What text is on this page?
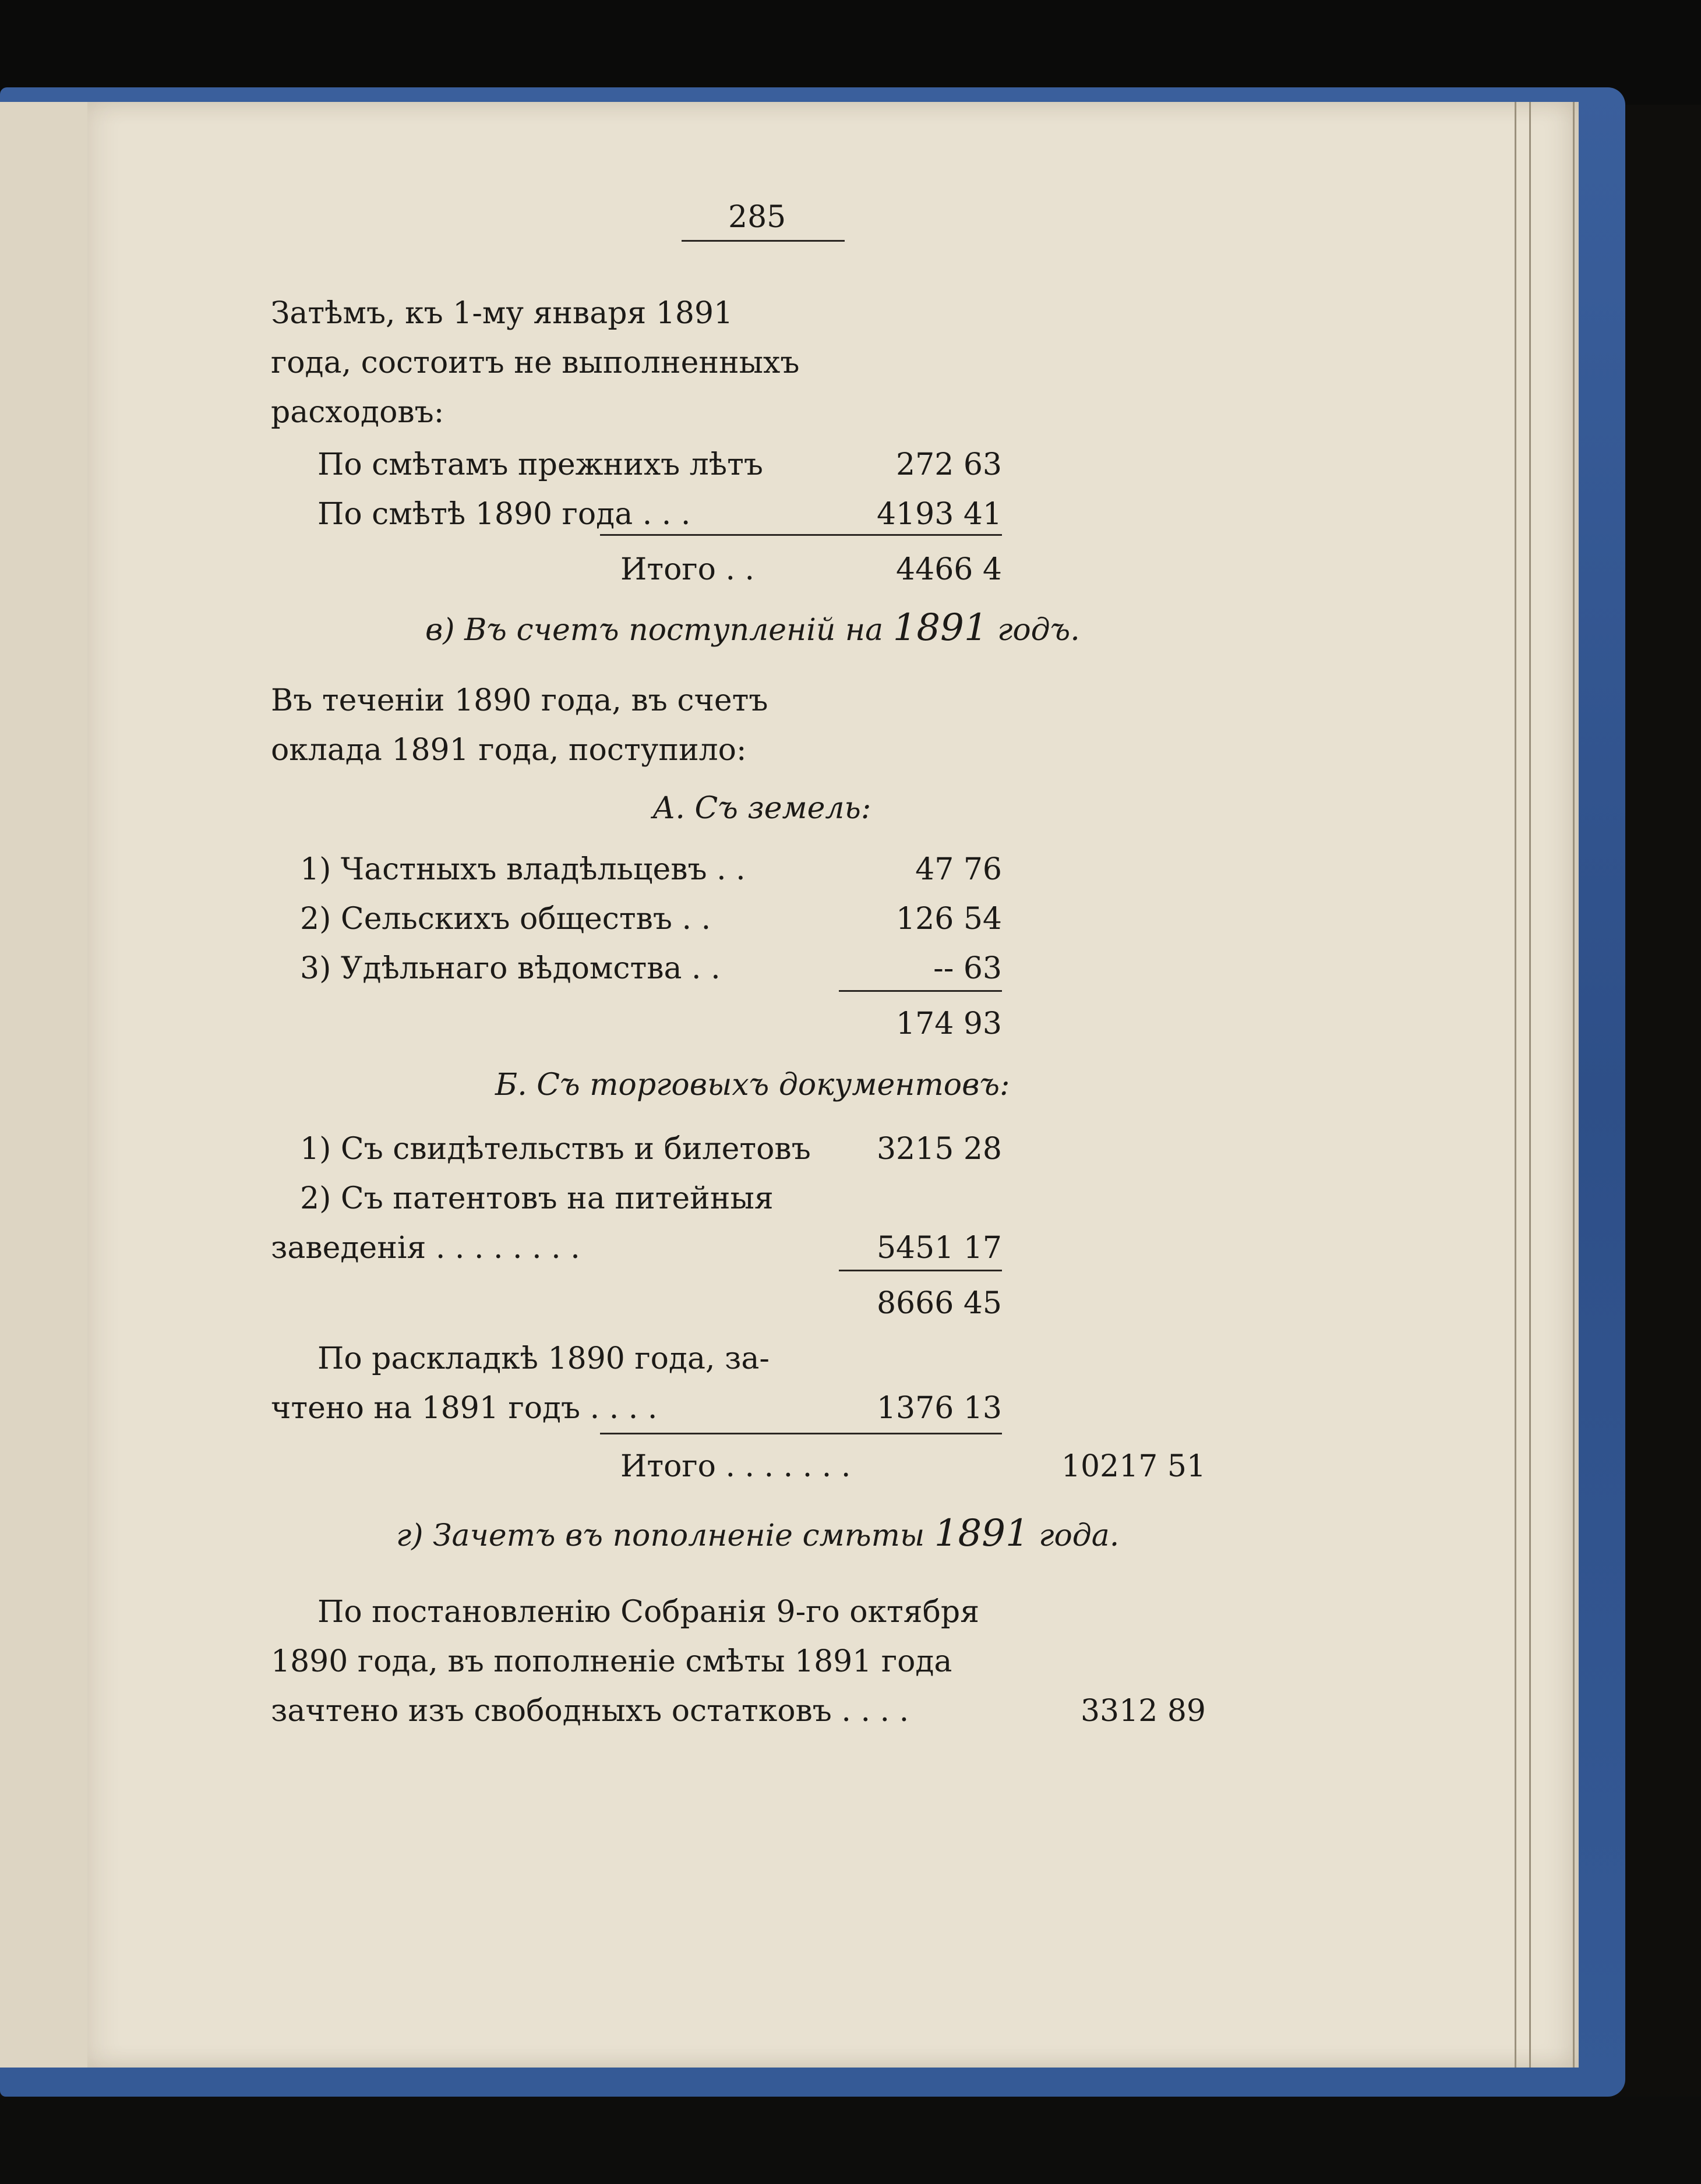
285
Затѣмъ, къ 1-му января 1891
года, состоитъ не выполненныхъ
расходовъ:
По смѣтамъ прежнихъ лѣтъ	272 63
По смѣтѣ 1890 года . . .	4193 41
Итого . .	4466 4
в) Въ счетъ поступленій на 1891 годъ.
Въ теченіи 1890 года, въ счетъ
оклада 1891 года, поступило:
А. Съ земель:
1) Частныхъ владѣльцевъ . .	47 76
2) Сельскихъ обществъ . .	126 54
3) Удѣльнаго вѣдомства . .	-- 63
174 93
Б. Съ торговыхъ документовъ:
1) Съ свидѣтельствъ и билетовъ	3215 28
2) Съ патентовъ на питейныя
заведенія . . . . . . . .	5451 17
8666 45
По раскладкѣ 1890 года, за-
чтено на 1891 годъ . . . .	1376 13
Итого . . . . . . .	10217 51
г) Зачетъ въ пополненіе смѣты 1891 года.
По постановленію Собранія 9-го октября
1890 года, въ пополненіе смѣты 1891 года
зачтено изъ свободныхъ остатковъ . . . .	3312 89
